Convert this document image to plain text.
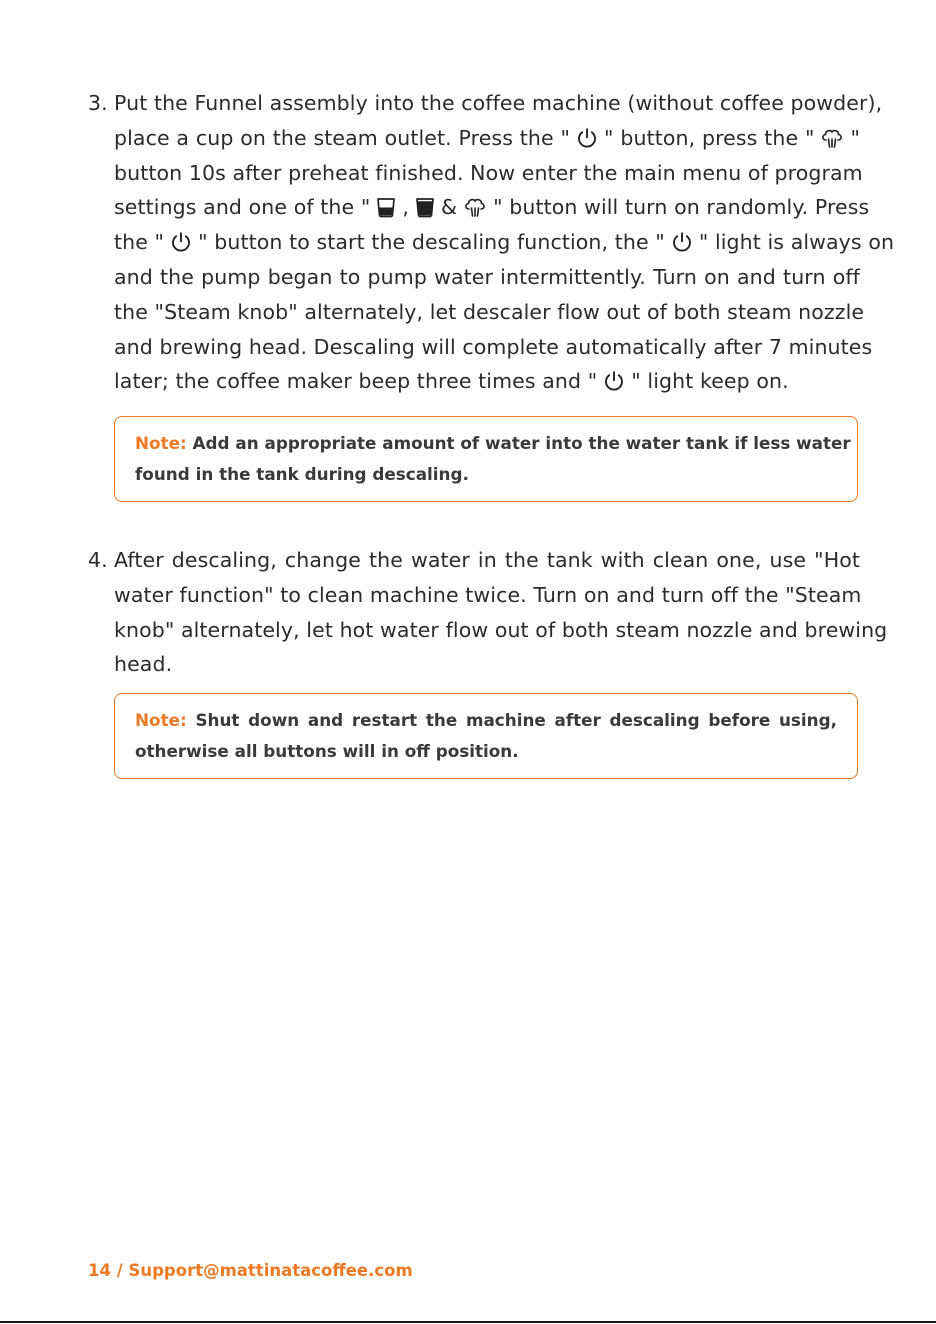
3. Put the Funnel assembly into the coffee machine (without coffee powder),
place a cup on the steam outlet. Press the " " button, press the " "
button 10s after preheat finished. Now enter the main menu of program
settings and one of the " , & " button will turn on randomly. Press
the " " button to start the descaling function, the " " light is always on
and the pump began to pump water intermittently. Turn on and turn off
the "Steam knob" alternately, let descaler flow out of both steam nozzle
and brewing head. Descaling will complete automatically after 7 minutes
later; the coffee maker beep three times and " " light keep on.
Note: Add an appropriate amount of water into the water tank if less water
found in the tank during descaling.
4. After descaling, change the water in the tank with clean one, use "Hot
water function" to clean machine twice. Turn on and turn off the "Steam
knob" alternately, let hot water flow out of both steam nozzle and brewing
head.
Note: Shut down and restart the machine after descaling before using,
otherwise all buttons will in off position.
14 / Support@mattinatacoffee.com
